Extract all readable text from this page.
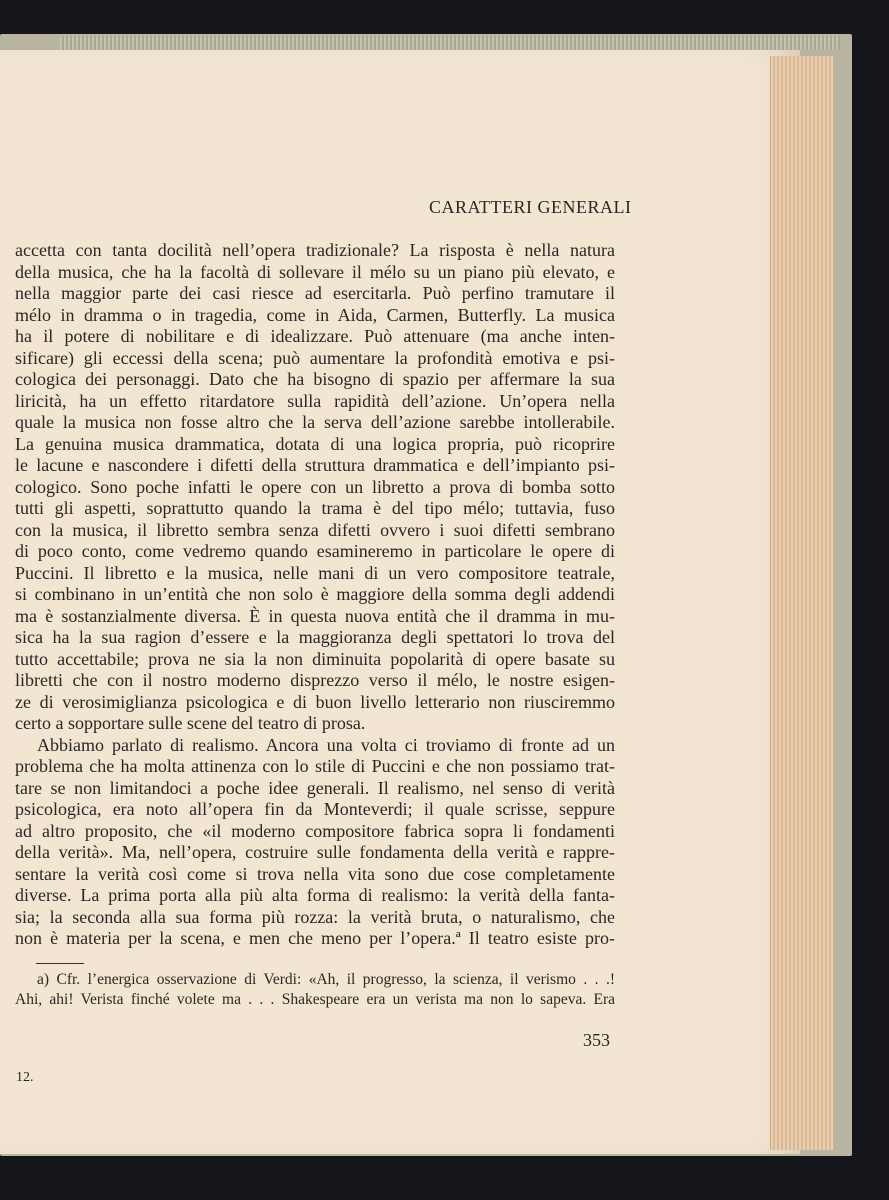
CARATTERI GENERALI
accetta con tanta docilità nell’opera tradizionale? La risposta è nella natura
della musica, che ha la facoltà di sollevare il mélo su un piano più elevato, e
nella maggior parte dei casi riesce ad esercitarla. Può perfino tramutare il
mélo in dramma o in tragedia, come in Aida, Carmen, Butterfly. La musica
ha il potere di nobilitare e di idealizzare. Può attenuare (ma anche inten-
sificare) gli eccessi della scena; può aumentare la profondità emotiva e psi-
cologica dei personaggi. Dato che ha bisogno di spazio per affermare la sua
liricità, ha un effetto ritardatore sulla rapidità dell’azione. Un’opera nella
quale la musica non fosse altro che la serva dell’azione sarebbe intollerabile.
La genuina musica drammatica, dotata di una logica propria, può ricoprire
le lacune e nascondere i difetti della struttura drammatica e dell’impianto psi-
cologico. Sono poche infatti le opere con un libretto a prova di bomba sotto
tutti gli aspetti, soprattutto quando la trama è del tipo mélo; tuttavia, fuso
con la musica, il libretto sembra senza difetti ovvero i suoi difetti sembrano
di poco conto, come vedremo quando esamineremo in particolare le opere di
Puccini. Il libretto e la musica, nelle mani di un vero compositore teatrale,
si combinano in un’entità che non solo è maggiore della somma degli addendi
ma è sostanzialmente diversa. È in questa nuova entità che il dramma in mu-
sica ha la sua ragion d’essere e la maggioranza degli spettatori lo trova del
tutto accettabile; prova ne sia la non diminuita popolarità di opere basate su
libretti che con il nostro moderno disprezzo verso il mélo, le nostre esigen-
ze di verosimiglianza psicologica e di buon livello letterario non riusciremmo
certo a sopportare sulle scene del teatro di prosa.
Abbiamo parlato di realismo. Ancora una volta ci troviamo di fronte ad un
problema che ha molta attinenza con lo stile di Puccini e che non possiamo trat-
tare se non limitandoci a poche idee generali. Il realismo, nel senso di verità
psicologica, era noto all’opera fin da Monteverdi; il quale scrisse, seppure
ad altro proposito, che «il moderno compositore fabrica sopra li fondamenti
della verità». Ma, nell’opera, costruire sulle fondamenta della verità e rappre-
sentare la verità così come si trova nella vita sono due cose completamente
diverse. La prima porta alla più alta forma di realismo: la verità della fanta-
sia; la seconda alla sua forma più rozza: la verità bruta, o naturalismo, che
non è materia per la scena, e men che meno per l’opera.ª Il teatro esiste pro-
a) Cfr. l’energica osservazione di Verdi: «Ah, il progresso, la scienza, il verismo . . .!
Ahi, ahi! Verista finché volete ma . . . Shakespeare era un verista ma non lo sapeva. Era
353
12.
